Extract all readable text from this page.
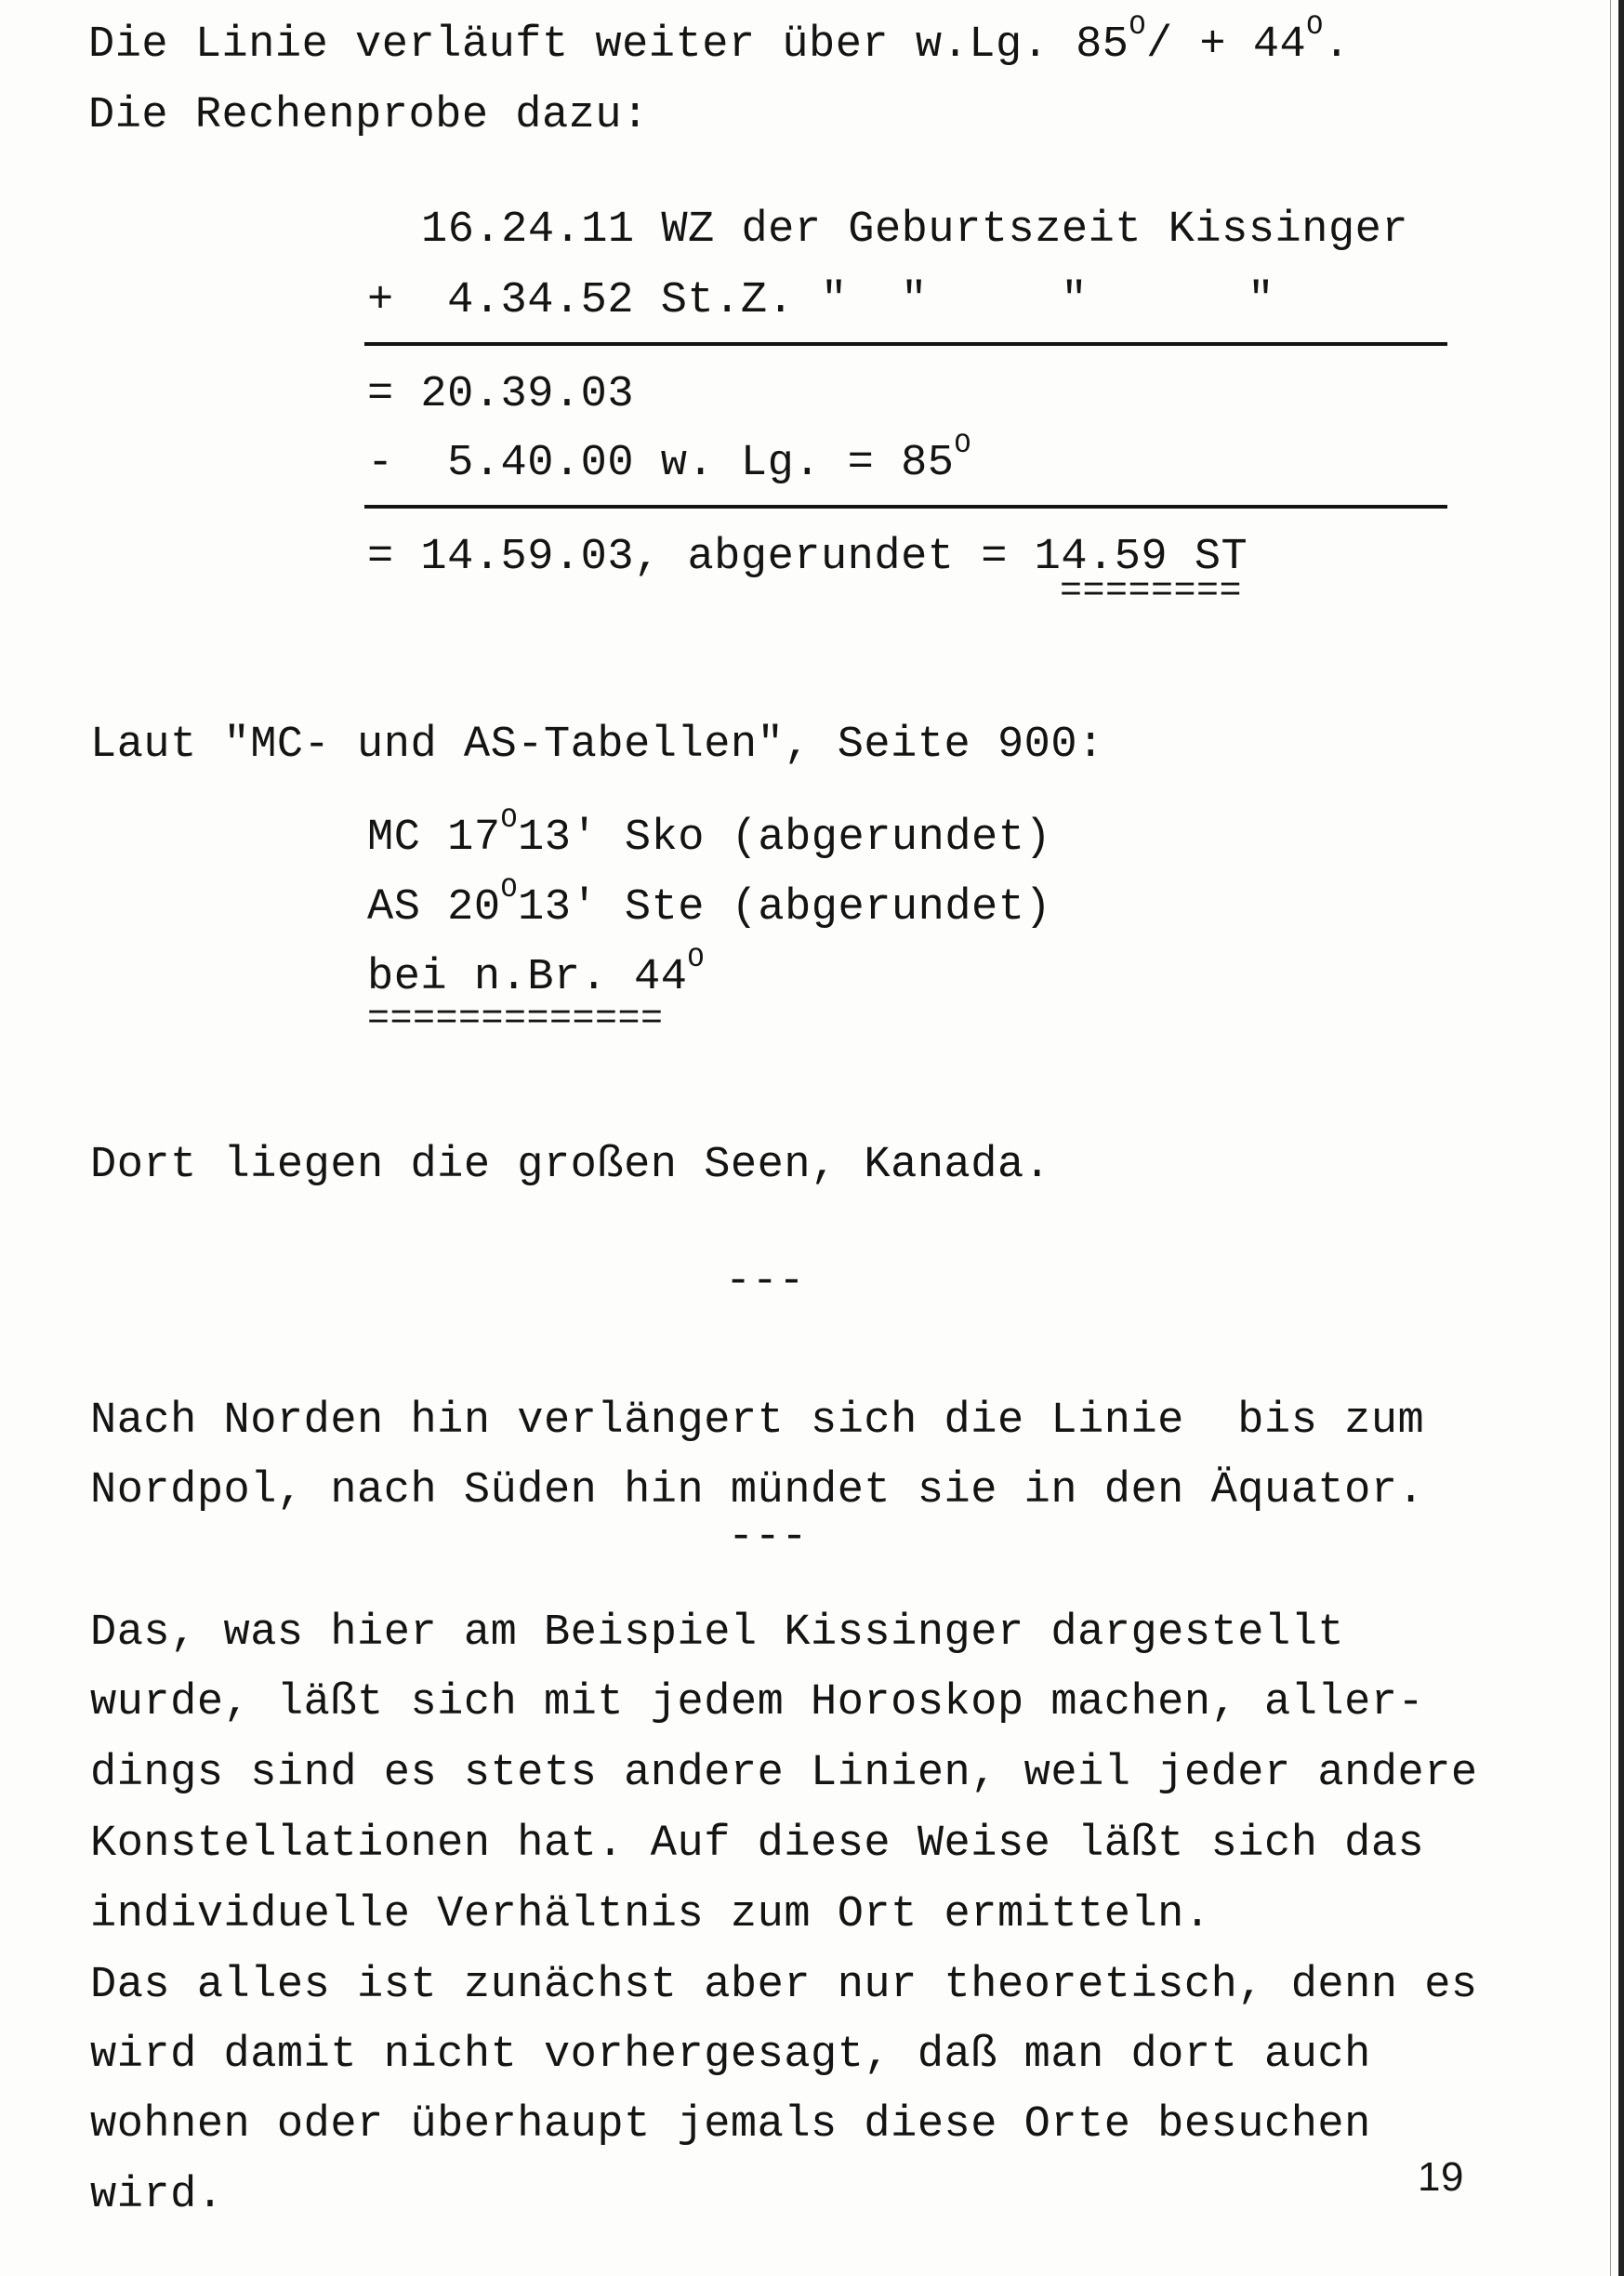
Die Linie verläuft weiter über w.Lg. $85^O/ + 44^O$.
Die Rechenprobe dazu:
16.24.11 WZ der Geburtszeit Kissinger
+  4.34.52 St.Z. "  "     "      "
= 20.39.03
-  5.40.00 w. Lg. = $85^O$
= 14.59.03, abgerundet = 14.59 ST
========
Laut "MC- und AS-Tabellen", Seite 900:
MC $17^O13'$ Sko (abgerundet)
AS $20^O13'$ Ste (abgerundet)
bei n.Br. $44^O$
=============
Dort liegen die großen Seen, Kanada.
---
Nach Norden hin verlängert sich die Linie  bis zum
Nordpol, nach Süden hin mündet sie in den Äquator.
---
Das, was hier am Beispiel Kissinger dargestellt
wurde, läßt sich mit jedem Horoskop machen, aller-
dings sind es stets andere Linien, weil jeder andere
Konstellationen hat. Auf diese Weise läßt sich das
individuelle Verhältnis zum Ort ermitteln.
Das alles ist zunächst aber nur theoretisch, denn es
wird damit nicht vorhergesagt, daß man dort auch
wohnen oder überhaupt jemals diese Orte besuchen
wird.	19
